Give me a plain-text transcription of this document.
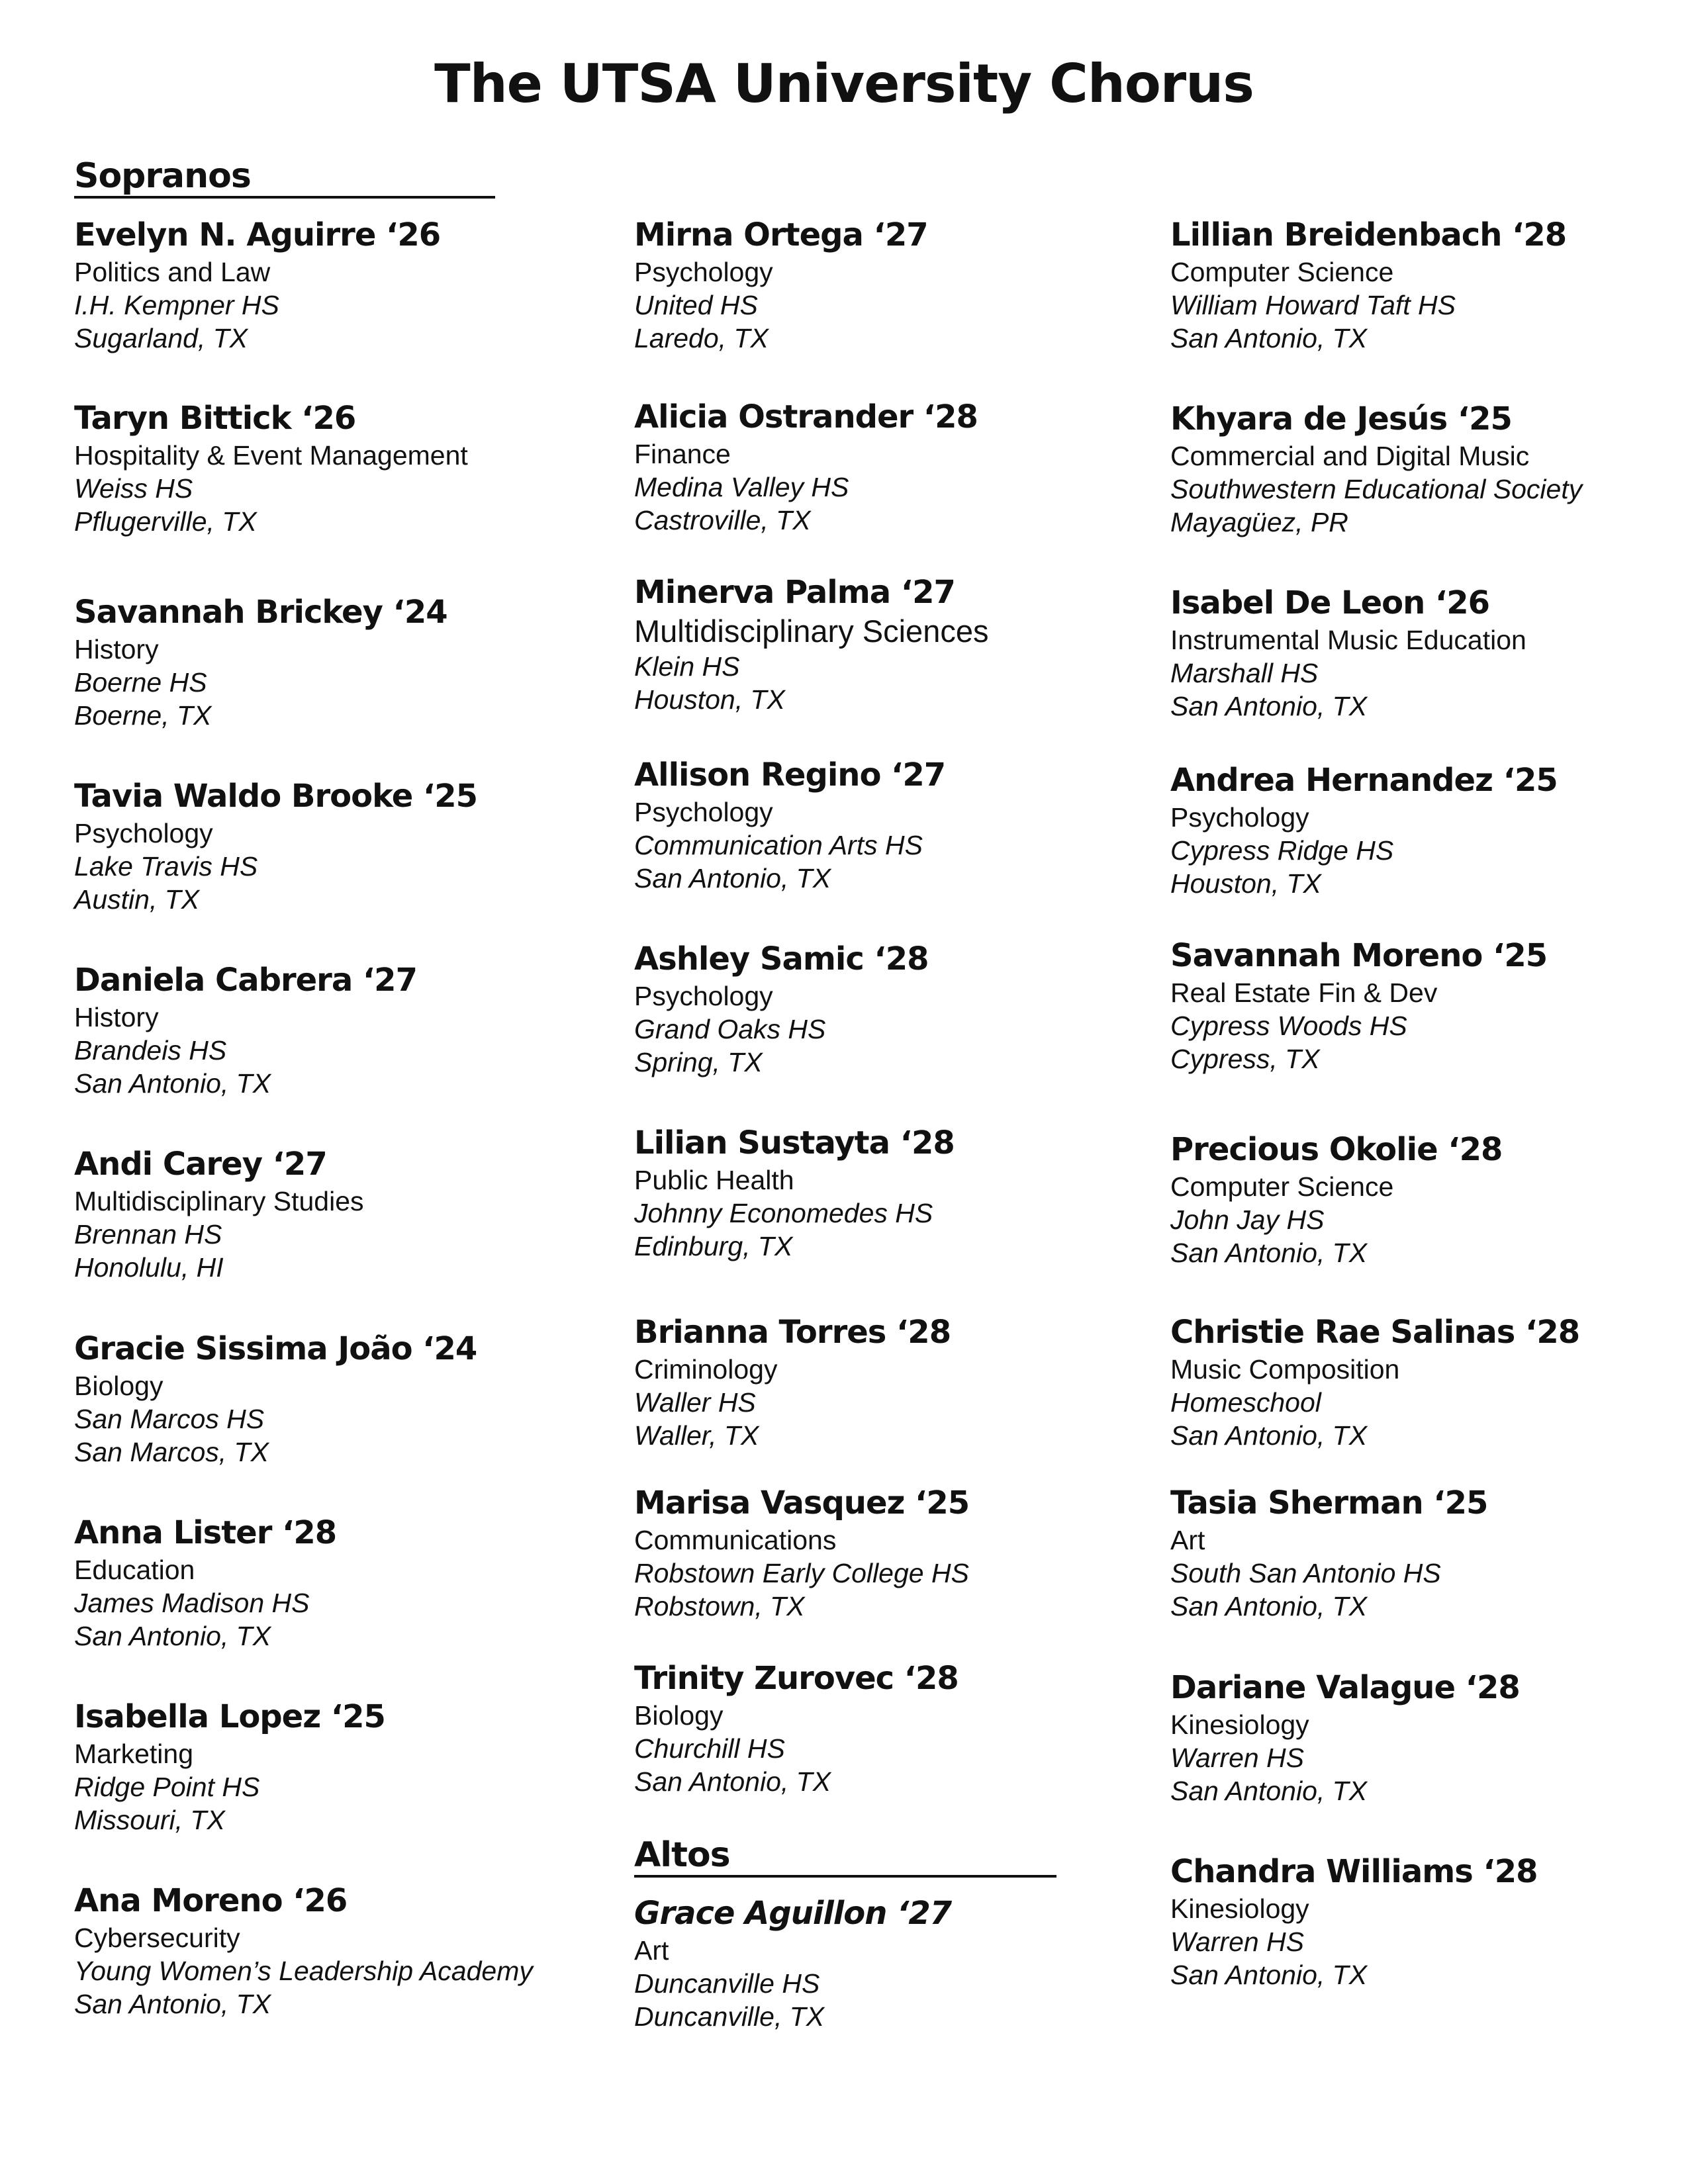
The UTSA University Chorus
Sopranos
Altos
Evelyn N. Aguirre ‘26
Politics and Law
I.H. Kempner HS
Sugarland, TX
Taryn Bittick ‘26
Hospitality & Event Management
Weiss HS
Pflugerville, TX
Savannah Brickey ‘24
History
Boerne HS
Boerne, TX
Tavia Waldo Brooke ‘25
Psychology
Lake Travis HS
Austin, TX
Daniela Cabrera ‘27
History
Brandeis HS
San Antonio, TX
Andi Carey ‘27
Multidisciplinary Studies
Brennan HS
Honolulu, HI
Gracie Sissima João ‘24
Biology
San Marcos HS
San Marcos, TX
Anna Lister ‘28
Education
James Madison HS
San Antonio, TX
Isabella Lopez ‘25
Marketing
Ridge Point HS
Missouri, TX
Ana Moreno ‘26
Cybersecurity
Young Women’s Leadership Academy
San Antonio, TX
Mirna Ortega ‘27
Psychology
United HS
Laredo, TX
Alicia Ostrander ‘28
Finance
Medina Valley HS
Castroville, TX
Minerva Palma ‘27
Multidisciplinary Sciences
Klein HS
Houston, TX
Allison Regino ‘27
Psychology
Communication Arts HS
San Antonio, TX
Ashley Samic ‘28
Psychology
Grand Oaks HS
Spring, TX
Lilian Sustayta ‘28
Public Health
Johnny Economedes HS
Edinburg, TX
Brianna Torres ‘28
Criminology
Waller HS
Waller, TX
Marisa Vasquez ‘25
Communications
Robstown Early College HS
Robstown, TX
Trinity Zurovec ‘28
Biology
Churchill HS
San Antonio, TX
Grace Aguillon ‘27
Art
Duncanville HS
Duncanville, TX
Lillian Breidenbach ‘28
Computer Science
William Howard Taft HS
San Antonio, TX
Khyara de Jesús ‘25
Commercial and Digital Music
Southwestern Educational Society
Mayagüez, PR
Isabel De Leon ‘26
Instrumental Music Education
Marshall HS
San Antonio, TX
Andrea Hernandez ‘25
Psychology
Cypress Ridge HS
Houston, TX
Savannah Moreno ‘25
Real Estate Fin & Dev
Cypress Woods HS
Cypress, TX
Precious Okolie ‘28
Computer Science
John Jay HS
San Antonio, TX
Christie Rae Salinas ‘28
Music Composition
Homeschool
San Antonio, TX
Tasia Sherman ‘25
Art
South San Antonio HS
San Antonio, TX
Dariane Valague ‘28
Kinesiology
Warren HS
San Antonio, TX
Chandra Williams ‘28
Kinesiology
Warren HS
San Antonio, TX
